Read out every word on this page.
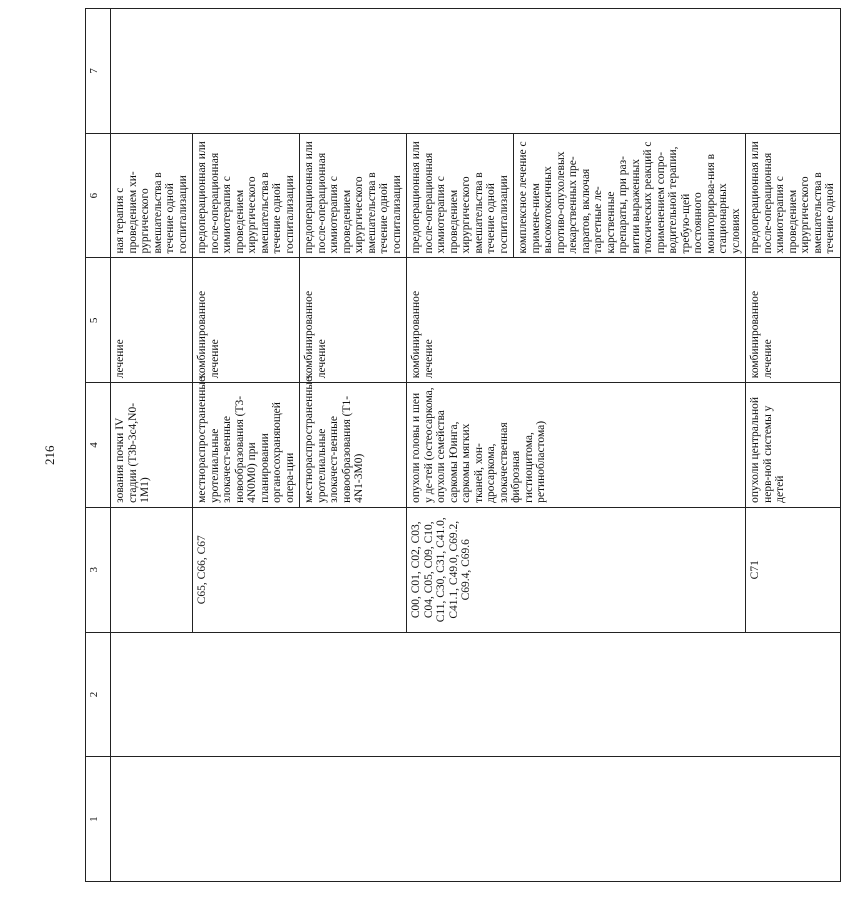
216
1	2	3	4	5	6	7
			зования почки IV стадии (T3b-3c4,N0-1M1)	лечение	ная терапия с проведением хи-рургического вмешательства в течение одной госпитализации	
		C65, C66, C67	местнораспространенные уротелиальные злокачест-венные новообразования (T3-4N0M0) при планировании органосохраняющей опера-ции	комбинированное лечение	предоперационная или после-операционная химиотерапия с проведением хирургического вмешательства в течение одной госпитализации	
			местнораспространенные уротелиальные злокачест-венные новообразования (T1-4N1-3M0)	комбинированное лечение	предоперационная или после-операционная химиотерапия с проведением хирургического вмешательства в течение одной госпитализации	
		C00, C01, C02, C03, C04, C05, C09, C10, C11, C30, C31, C41.0, C41.1, C49.0, C69.2, C69.4, C69.6	опухоли головы и шеи у де-тей (остеосаркома, опухоли семейства саркомы Юинга, саркомы мягких тканей, хон-дросаркома, злокачественная фиброзная гистиоцитома, ретинобластома)	комбинированное лечение	предоперационная или после-операционная химиотерапия с проведением хирургического вмешательства в течение одной госпитализации	
					комплексное лечение с примене-нием высокотоксичных противо-опухолевых лекарственных пре-паратов, включая таргетные ле-карственные препараты, при раз-витии выраженных токсических реакций с применением сопро-водительной терапии, требую-щей постоянного мониторирова-ния в стационарных условиях	
		C71	опухоли центральной нерв-ной системы у детей	комбинированное лечение	предоперационная или после-операционная химиотерапия с проведением хирургического вмешательства в течение одной	
